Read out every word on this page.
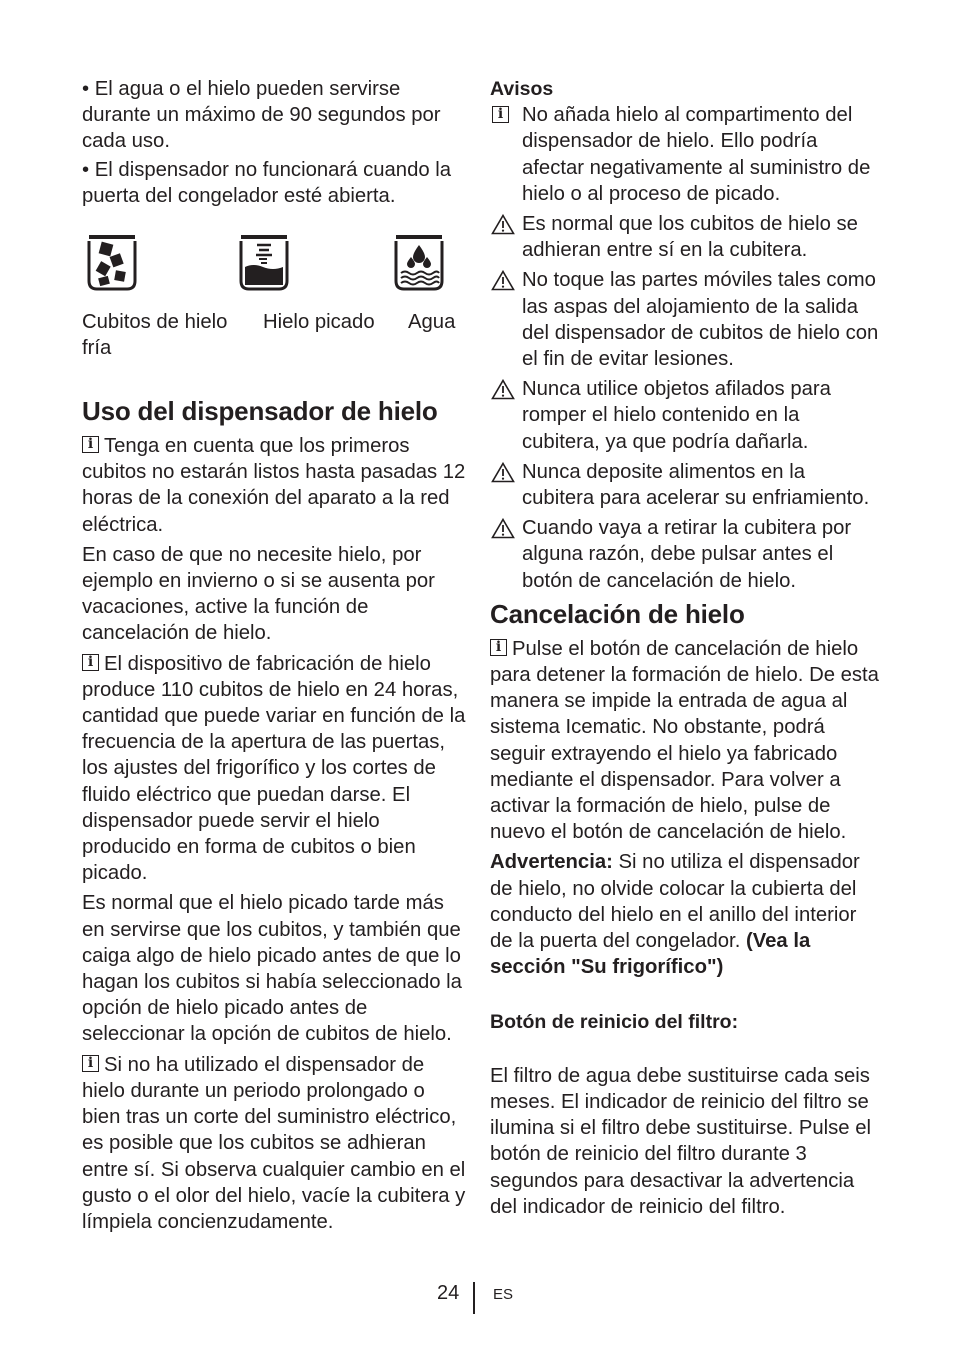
• El agua o el hielo pueden servirse durante un máximo de 90 segundos por cada uso.

• El dispensador no funcionará cuando la puerta del congelador esté abierta.

Cubitos de hielo fría
Hielo picado Agua
Uso del dispensador de hielo

iTenga en cuenta que los primeros cubitos no estarán listos hasta pasadas 12 horas de la conexión del aparato a la red eléctrica.

En caso de que no necesite hielo, por ejemplo en invierno o si se ausenta por vacaciones, active la función de cancelación de hielo.

iEl dispositivo de fabricación de hielo produce 110 cubitos de hielo en 24 horas, cantidad que puede variar en función de la frecuencia de la apertura de las puertas, los ajustes del frigorífico y los cortes de fluido eléctrico que puedan darse. El dispensador puede servir el hielo producido en forma de cubitos o bien picado.

Es normal que el hielo picado tarde más en servirse que los cubitos, y también que caiga algo de hielo picado antes de que lo hagan los cubitos si había seleccionado la opción de hielo picado antes de seleccionar la opción de cubitos de hielo.

iSi no ha utilizado el dispensador de hielo durante un periodo prolongado o bien tras un corte del suministro eléctrico, es posible que los cubitos se adhieran entre sí. Si observa cualquier cambio en el gusto o el olor del hielo, vacíe la cubitera y límpiela concienzudamente.

Avisos

i
No añada hielo al compartimento del dispensador de hielo. Ello podría afectar negativamente al suministro de hielo o al proceso de picado.
Es normal que los cubitos de hielo se adhieran entre sí en la cubitera.
No toque las partes móviles tales como las aspas del alojamiento de la salida del dispensador de cubitos de hielo con el fin de evitar lesiones.
Nunca utilice objetos afilados para romper el hielo contenido en la cubitera, ya que podría dañarla.
Nunca deposite alimentos en la cubitera para acelerar su enfriamiento.
Cuando vaya a retirar la cubitera por alguna razón, debe pulsar antes el botón de cancelación de hielo.
Cancelación de hielo

iPulse el botón de cancelación de hielo para detener la formación de hielo. De esta manera se impide la entrada de agua al sistema Icematic. No obstante, podrá seguir extrayendo el hielo ya fabricado mediante el dispensador. Para volver a activar la formación de hielo, pulse de nuevo el botón de cancelación de hielo.

Advertencia: Si no utiliza el dispensador de hielo, no olvide colocar la cubierta del conducto del hielo en el anillo del interior de la puerta del congelador. (Vea la sección "Su frigorífico")

Botón de reinicio del filtro:

El filtro de agua debe sustituirse cada seis meses. El indicador de reinicio del filtro se ilumina si el filtro debe sustituirse. Pulse el botón de reinicio del filtro durante 3 segundos para desactivar la advertencia del indicador de reinicio del filtro.

24 ES
